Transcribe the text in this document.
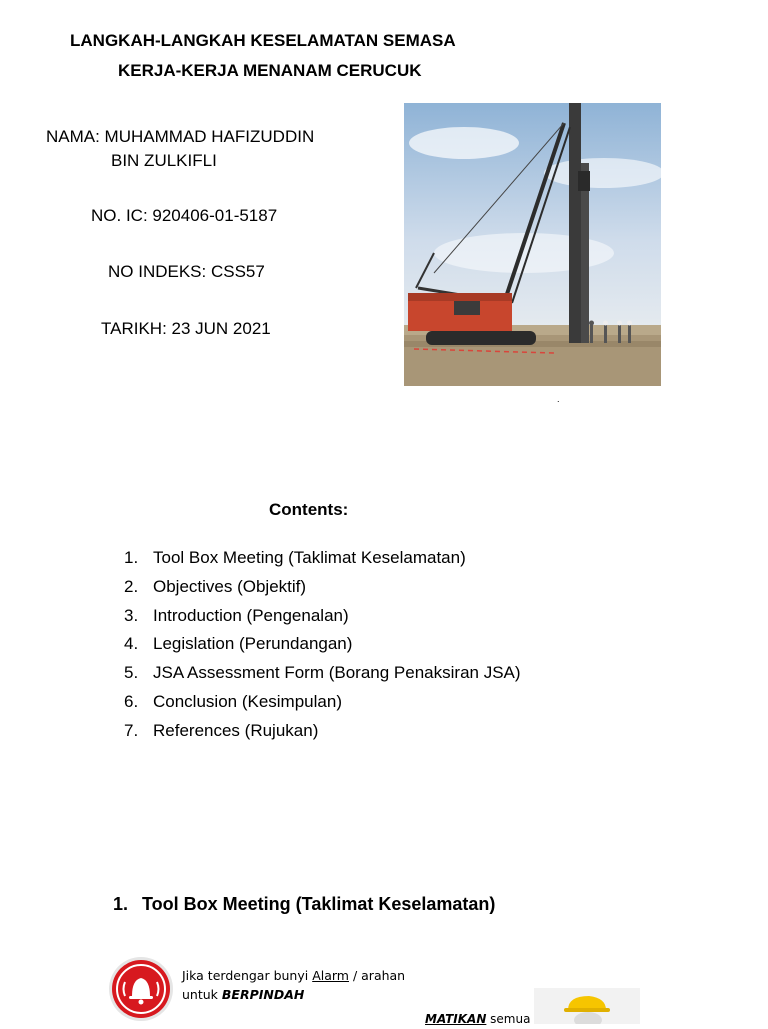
LANGKAH-LANGKAH KESELAMATAN SEMASA
KERJA-KERJA MENANAM CERUCUK
NAMA: MUHAMMAD HAFIZUDDIN
BIN ZULKIFLI
NO. IC: 920406-01-5187
NO INDEKS: CSS57
TARIKH: 23 JUN 2021
.
Contents:
1. Tool Box Meeting (Taklimat Keselamatan)
2. Objectives (Objektif)
3. Introduction (Pengenalan)
4. Legislation (Perundangan)
5. JSA Assessment Form (Borang Penaksiran JSA)
6. Conclusion (Kesimpulan)
7. References (Rujukan)
1. Tool Box Meeting (Taklimat Keselamatan)
Jika terdengar bunyi Alarm / arahan
untuk BERPINDAH
MATIKAN semua
